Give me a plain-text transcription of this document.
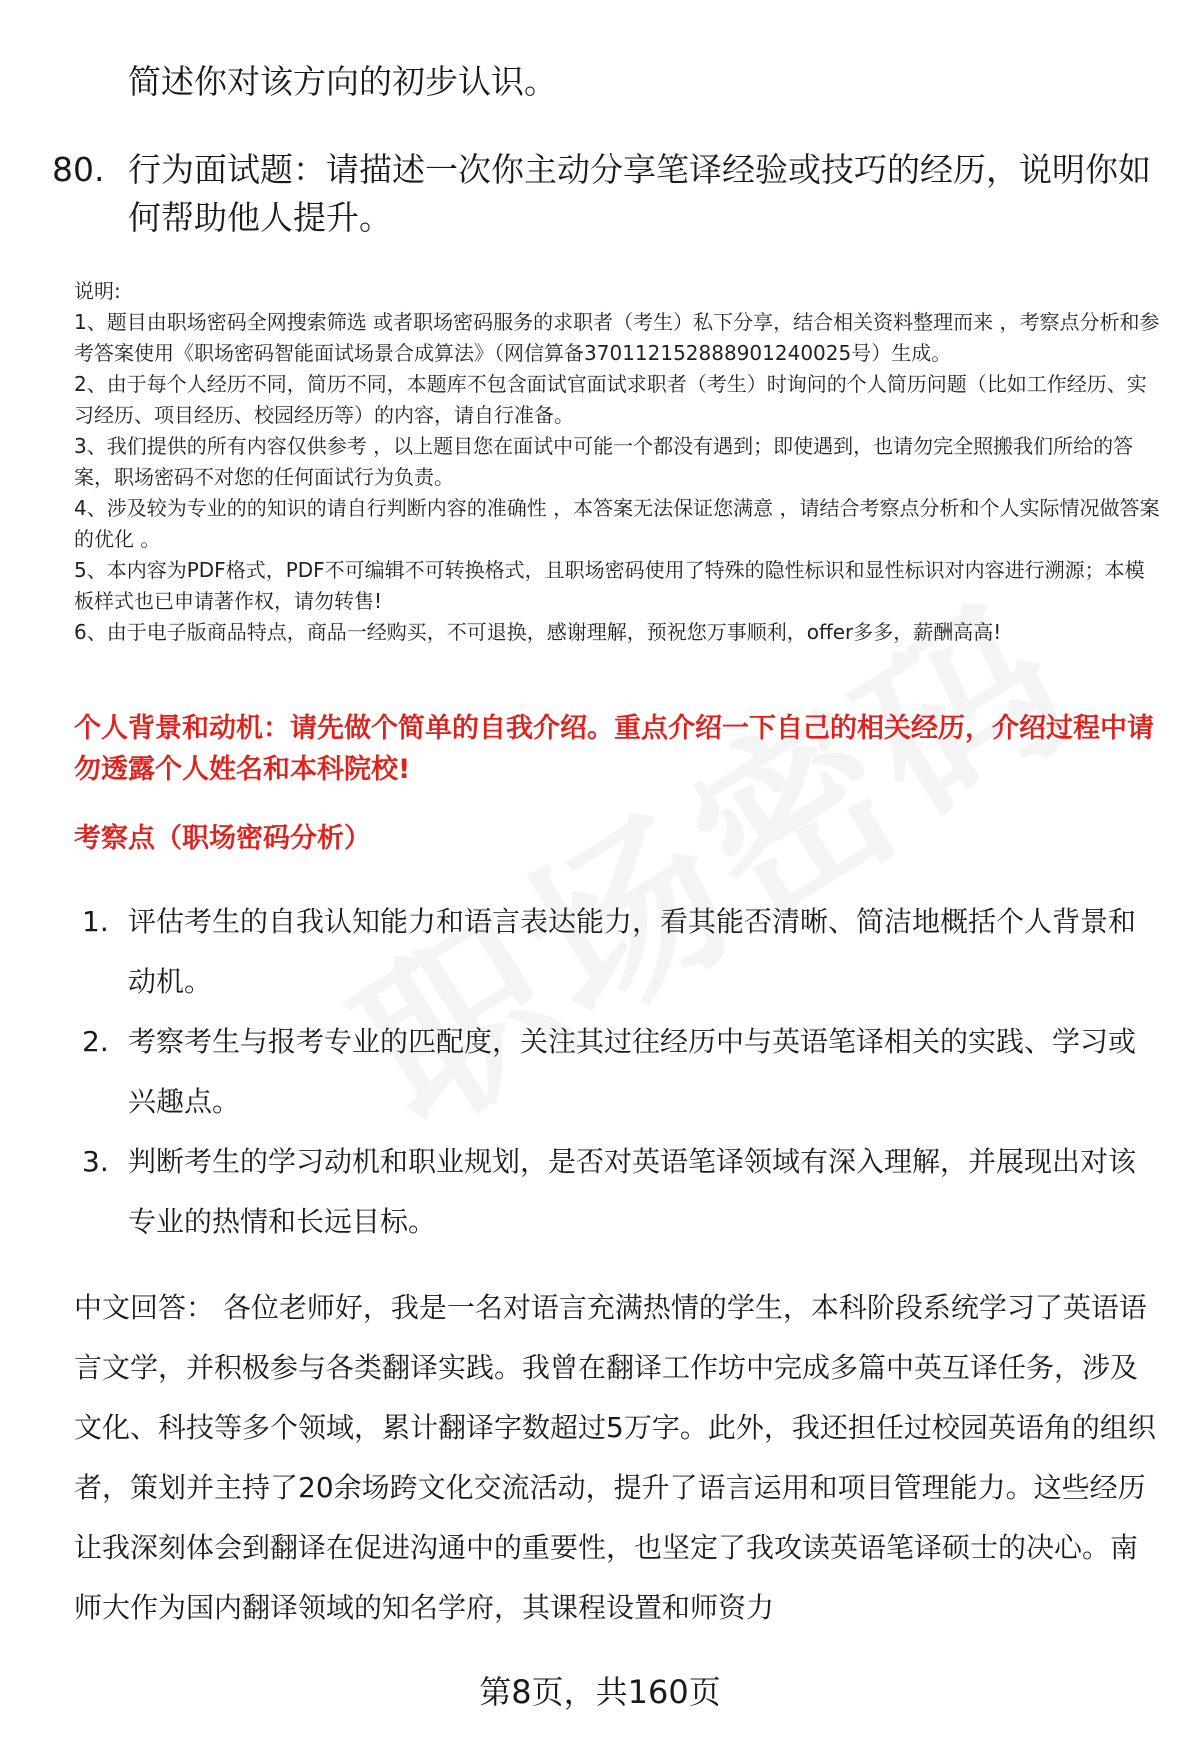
简述你对该方向的初步认识。

80. 行为面试题：请描述一次你主动分享笔译经验或技巧的经历，说明你如何帮助他人提升。

说明:

1、题目由职场密码全网搜索筛选 或者职场密码服务的求职者（考生）私下分享，结合相关资料整理而来 ，考察点分析和参考答案使用《职场密码智能面试场景合成算法》（网信算备370112152888901240025号）生成。

2、由于每个人经历不同，简历不同，本题库不包含面试官面试求职者（考生）时询问的个人简历问题（比如工作经历、实习经历、项目经历、校园经历等）的内容，请自行准备。

3、我们提供的所有内容仅供参考 ，以上题目您在面试中可能一个都没有遇到；即使遇到，也请勿完全照搬我们所给的答案，职场密码不对您的任何面试行为负责。

4、涉及较为专业的的知识的请自行判断内容的准确性 ，本答案无法保证您满意 ，请结合考察点分析和个人实际情况做答案的优化 。

5、本内容为PDF格式，PDF不可编辑不可转换格式，且职场密码使用了特殊的隐性标识和显性标识对内容进行溯源；本模板样式也已申请著作权，请勿转售!

6、由于电子版商品特点，商品一经购买，不可退换，感谢理解，预祝您万事顺利，offer多多，薪酬高高!

个人背景和动机：请先做个简单的自我介绍。重点介绍一下自己的相关经历，介绍过程中请勿透露个人姓名和本科院校!
考察点（职场密码分析）
1. 评估考生的自我认知能力和语言表达能力，看其能否清晰、简洁地概括个人背景和动机。
2. 考察考生与报考专业的匹配度，关注其过往经历中与英语笔译相关的实践、学习或兴趣点。
3. 判断考生的学习动机和职业规划，是否对英语笔译领域有深入理解，并展现出对该专业的热情和长远目标。

中文回答： 各位老师好，我是一名对语言充满热情的学生，本科阶段系统学习了英语语言文学，并积极参与各类翻译实践。我曾在翻译工作坊中完成多篇中英互译任务，涉及文化、科技等多个领域，累计翻译字数超过5万字。此外，我还担任过校园英语角的组织者，策划并主持了20余场跨文化交流活动，提升了语言运用和项目管理能力。这些经历让我深刻体会到翻译在促进沟通中的重要性，也坚定了我攻读英语笔译硕士的决心。南师大作为国内翻译领域的知名学府，其课程设置和师资力

第8页，共160页
